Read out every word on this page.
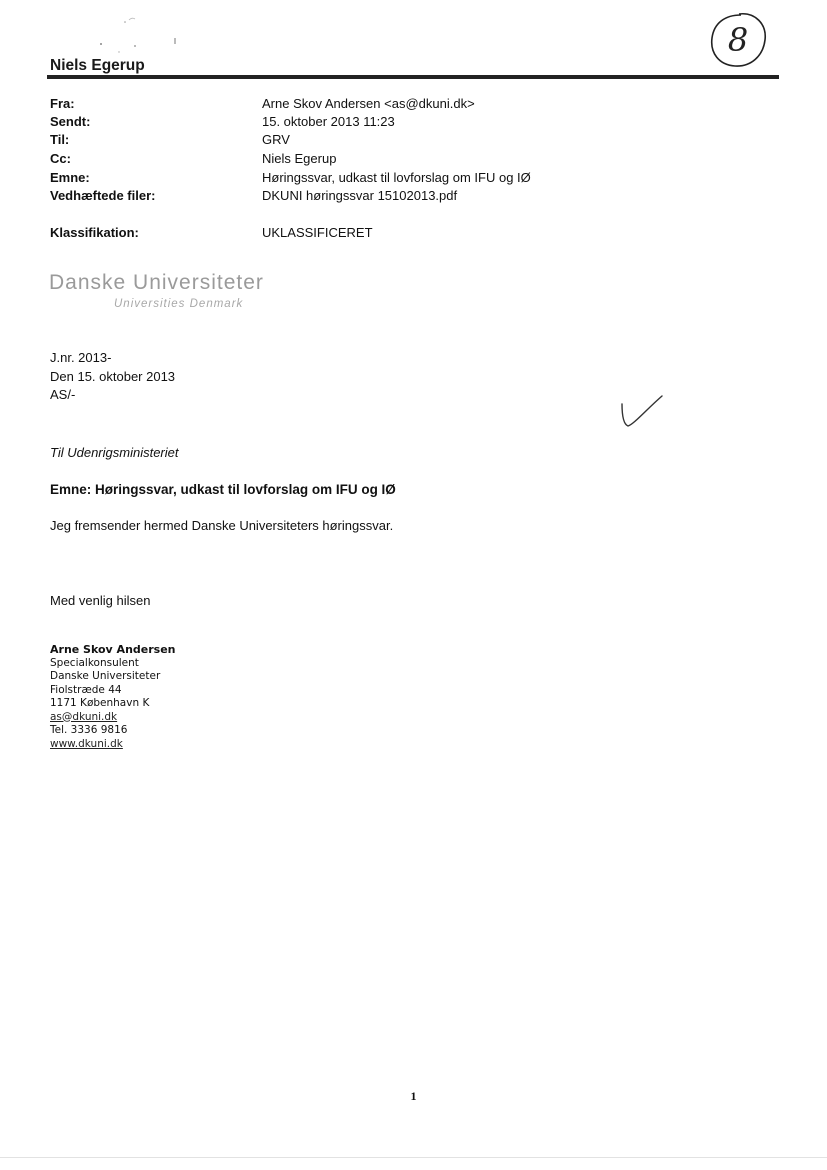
Niels Egerup
8
Fra:	Arne Skov Andersen <as@dkuni.dk>
Sendt:	15. oktober 2013 11:23
Til:	GRV
Cc:	Niels Egerup
Emne:	Høringssvar, udkast til lovforslag om IFU og IØ
Vedhæftede filer:	DKUNI høringssvar 15102013.pdf
Klassifikation:	UKLASSIFICERET
Danske Universiteter
Universities Denmark
J.nr. 2013-
Den 15. oktober 2013
AS/-
Til Udenrigsministeriet
Emne: Høringssvar, udkast til lovforslag om IFU og IØ
Jeg fremsender hermed Danske Universiteters høringssvar.
Med venlig hilsen
Arne Skov Andersen
Specialkonsulent
Danske Universiteter
Fiolstræde 44
1171 København K
as@dkuni.dk
Tel. 3336 9816
www.dkuni.dk
1
